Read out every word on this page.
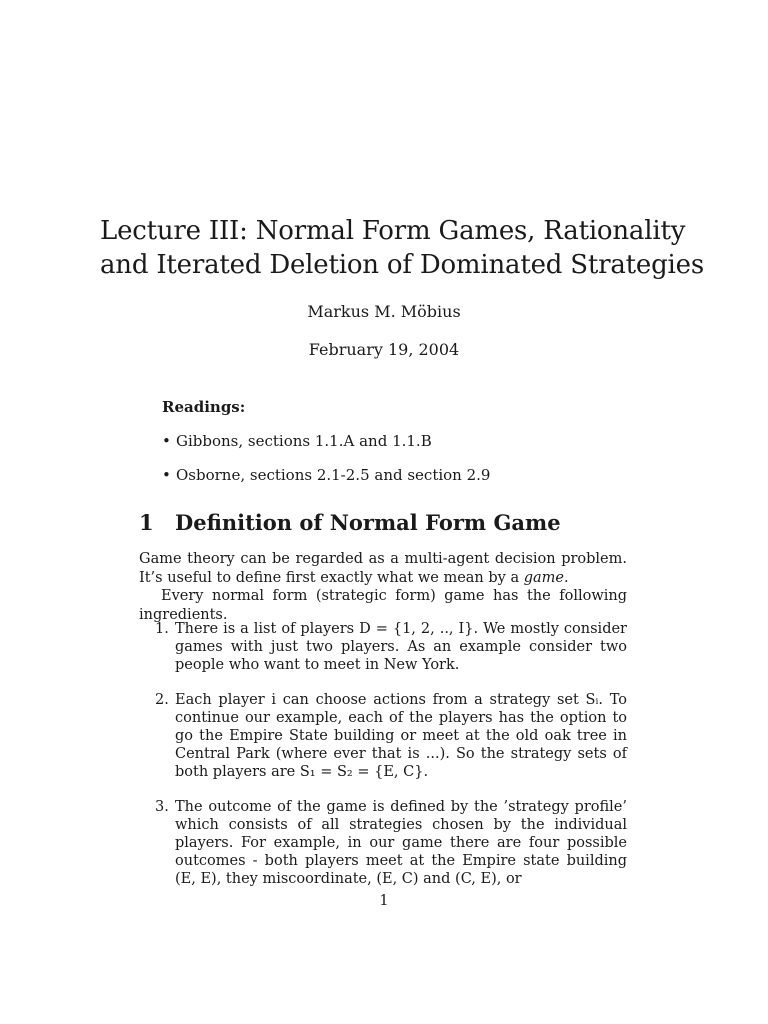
Lecture III: Normal Form Games, Rationality
and Iterated Deletion of Dominated Strategies
Markus M. Möbius
February 19, 2004
Readings:
• Gibbons, sections 1.1.A and 1.1.B
• Osborne, sections 2.1-2.5 and section 2.9
1 Definition of Normal Form Game

Game theory can be regarded as a multi-agent decision problem. It’s useful to define first exactly what we mean by a game.

Every normal form (strategic form) game has the following ingredients.

1. There is a list of players D = {1, 2, .., I}. We mostly consider games with just two players. As an example consider two people who want to meet in New York.
2. Each player i can choose actions from a strategy set Sᵢ. To continue our example, each of the players has the option to go the Empire State building or meet at the old oak tree in Central Park (where ever that is ...). So the strategy sets of both players are S₁ = S₂ = {E, C}.
3. The outcome of the game is defined by the ’strategy profile’ which consists of all strategies chosen by the individual players. For example, in our game there are four possible outcomes - both players meet at the Empire state building (E, E), they miscoordinate, (E, C) and (C, E), or
1
